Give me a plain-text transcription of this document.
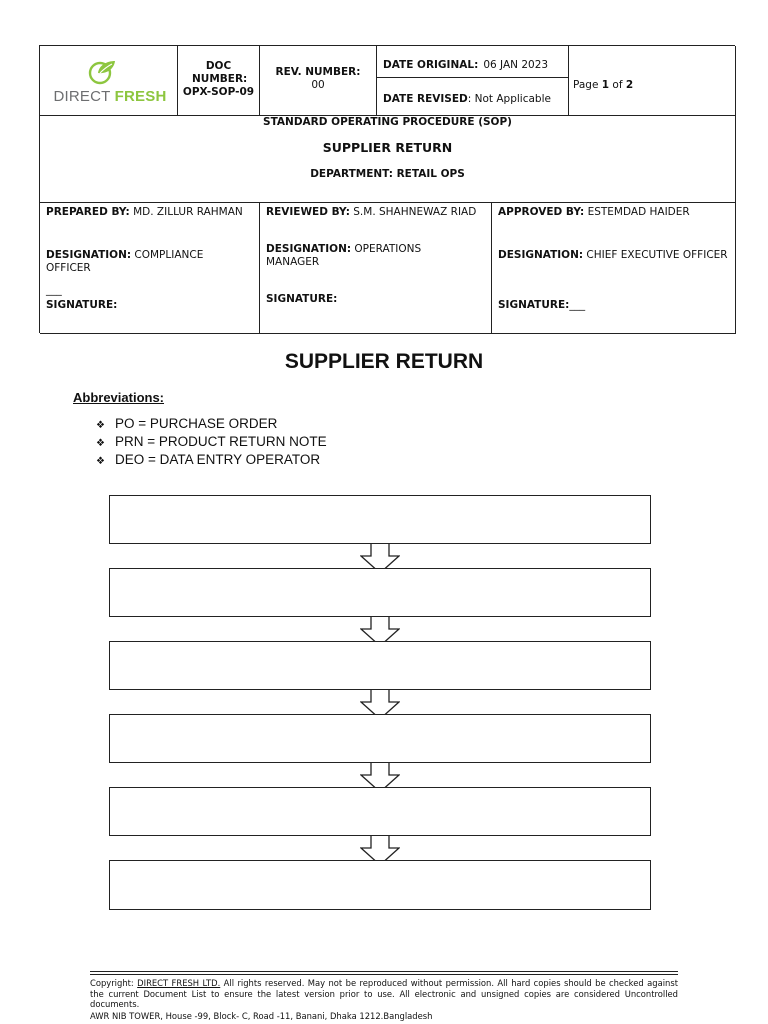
DIRECT FRESH
DOC NUMBER:
OPX-SOP-09
REV. NUMBER:
00
DATE ORIGINAL: 06 JAN 2023
DATE REVISED: Not Applicable
Page 1 of 2
STANDARD OPERATING PROCEDURE (SOP)
SUPPLIER RETURN
DEPARTMENT: RETAIL OPS
PREPARED BY: MD. ZILLUR RAHMAN
DESIGNATION: COMPLIANCE OFFICER
___
SIGNATURE:
REVIEWED BY: S.M. SHAHNEWAZ RIAD
DESIGNATION: OPERATIONS MANAGER
SIGNATURE:
APPROVED BY: ESTEMDAD HAIDER
DESIGNATION: CHIEF EXECUTIVE OFFICER
SIGNATURE:___
SUPPLIER RETURN
Abbreviations:
❖ PO = PURCHASE ORDER
❖ PRN = PRODUCT RETURN NOTE
❖ DEO = DATA ENTRY OPERATOR
Copyright: DIRECT FRESH LTD. All rights reserved. May not be reproduced without permission. All hard copies should be checked against the current Document List to ensure the latest version prior to use. All electronic and unsigned copies are considered Uncontrolled documents.
AWR NIB TOWER, House -99, Block- C, Road -11, Banani, Dhaka 1212.Bangladesh
